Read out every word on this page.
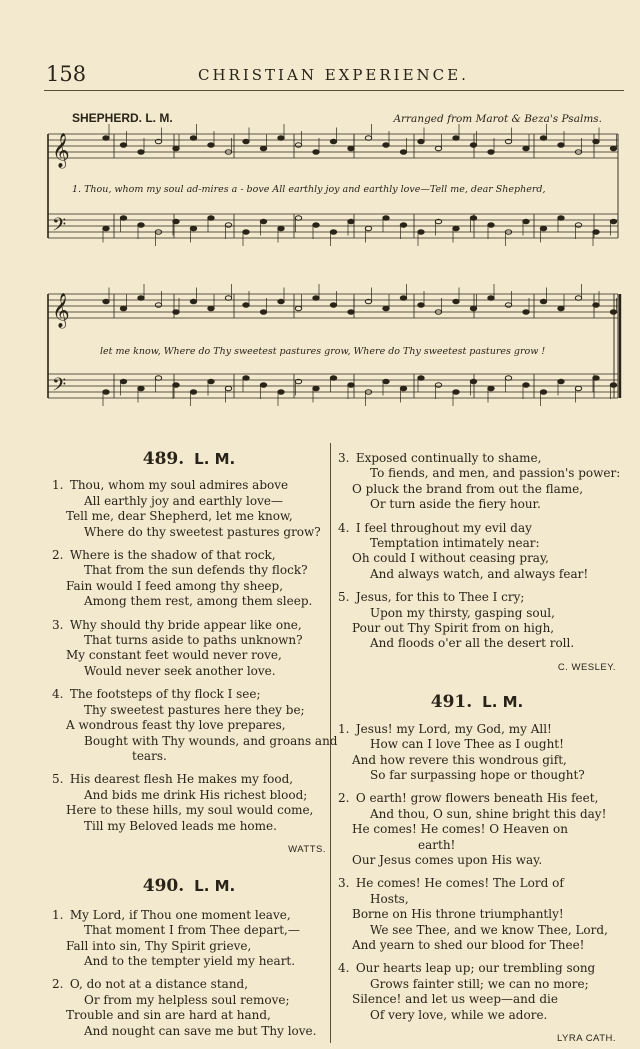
158	CHRISTIAN EXPERIENCE.
SHEPHERD. L. M.	Arranged from Marot & Beza's Psalms.
𝄞
𝄞
𝄢
𝄢
1. Thou, whom my soul ad-mires a - bove All earthly joy and earthly love—Tell me, dear Shepherd,
let me know, Where do Thy sweetest pastures grow, Where do Thy sweetest pastures grow !
489. L. M.
1. Thou, whom my soul admires above
All earthly joy and earthly love—
Tell me, dear Shepherd, let me know,
Where do thy sweetest pastures grow?
2. Where is the shadow of that rock,
That from the sun defends thy flock?
Fain would I feed among thy sheep,
Among them rest, among them sleep.
3. Why should thy bride appear like one,
That turns aside to paths unknown?
My constant feet would never rove,
Would never seek another love.
4. The footsteps of thy flock I see;
Thy sweetest pastures here they be;
A wondrous feast thy love prepares,
Bought with Thy wounds, and groans and
tears.
5. His dearest flesh He makes my food,
And bids me drink His richest blood;
Here to these hills, my soul would come,
Till my Beloved leads me home.
WATTS.
490. L. M.
1. My Lord, if Thou one moment leave,
That moment I from Thee depart,—
Fall into sin, Thy Spirit grieve,
And to the tempter yield my heart.
2. O, do not at a distance stand,
Or from my helpless soul remove;
Trouble and sin are hard at hand,
And nought can save me but Thy love.
3. Exposed continually to shame,
To fiends, and men, and passion's power:
O pluck the brand from out the flame,
Or turn aside the fiery hour.
4. I feel throughout my evil day
Temptation intimately near:
Oh could I without ceasing pray,
And always watch, and always fear!
5. Jesus, for this to Thee I cry;
Upon my thirsty, gasping soul,
Pour out Thy Spirit from on high,
And floods o'er all the desert roll.
C. WESLEY.
491. L. M.
1. Jesus! my Lord, my God, my All!
How can I love Thee as I ought!
And how revere this wondrous gift,
So far surpassing hope or thought?
2. O earth! grow flowers beneath His feet,
And thou, O sun, shine bright this day!
He comes! He comes! O Heaven on
earth!
Our Jesus comes upon His way.
3. He comes! He comes! The Lord of
Hosts,
Borne on His throne triumphantly!
We see Thee, and we know Thee, Lord,
And yearn to shed our blood for Thee!
4. Our hearts leap up; our trembling song
Grows fainter still; we can no more;
Silence! and let us weep—and die
Of very love, while we adore.
LYRA CATH.
